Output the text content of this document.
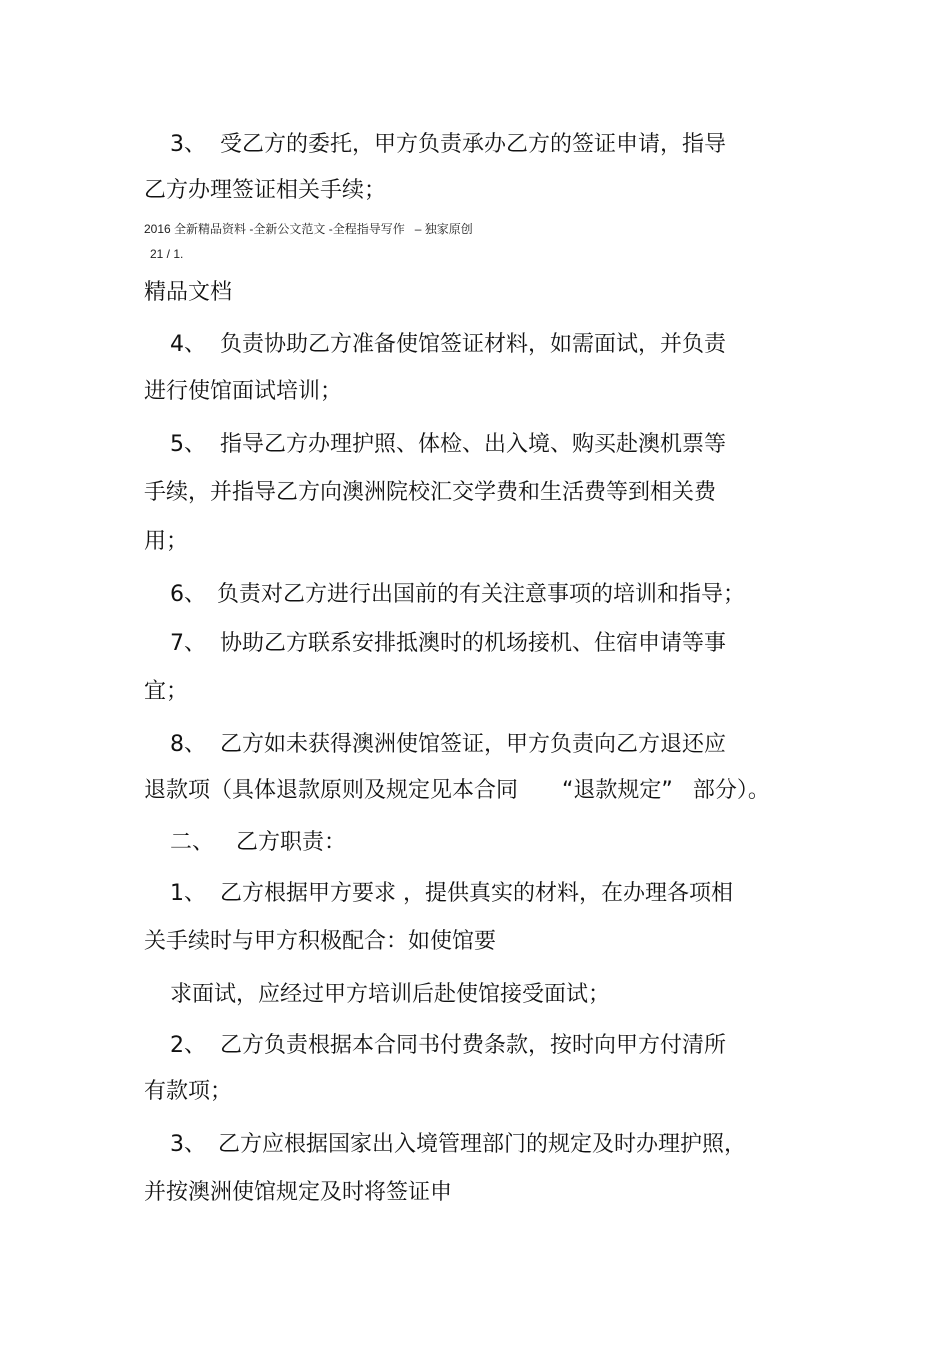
3、 受乙方的委托，甲方负责承办乙方的签证申请，指导
乙方办理签证相关手续；
2016 全新精品资料 -全新公文范文 -全程指导写作   – 独家原创
21 / 1.
精品文档
4、 负责协助乙方准备使馆签证材料，如需面试，并负责
进行使馆面试培训；
5、 指导乙方办理护照、体检、出入境、购买赴澳机票等
手续，并指导乙方向澳洲院校汇交学费和生活费等到相关费
用；
6、 负责对乙方进行出国前的有关注意事项的培训和指导；
7、 协助乙方联系安排抵澳时的机场接机、住宿申请等事
宜；
8、 乙方如未获得澳洲使馆签证，甲方负责向乙方退还应
退款项（具体退款原则及规定见本合同 “退款规定” 部分）。
二、 乙方职责：
1、 乙方根据甲方要求 ，提供真实的材料，在办理各项相
关手续时与甲方积极配合：如使馆要
求面试，应经过甲方培训后赴使馆接受面试；
2、 乙方负责根据本合同书付费条款，按时向甲方付清所
有款项；
3、 乙方应根据国家出入境管理部门的规定及时办理护照，
并按澳洲使馆规定及时将签证申
